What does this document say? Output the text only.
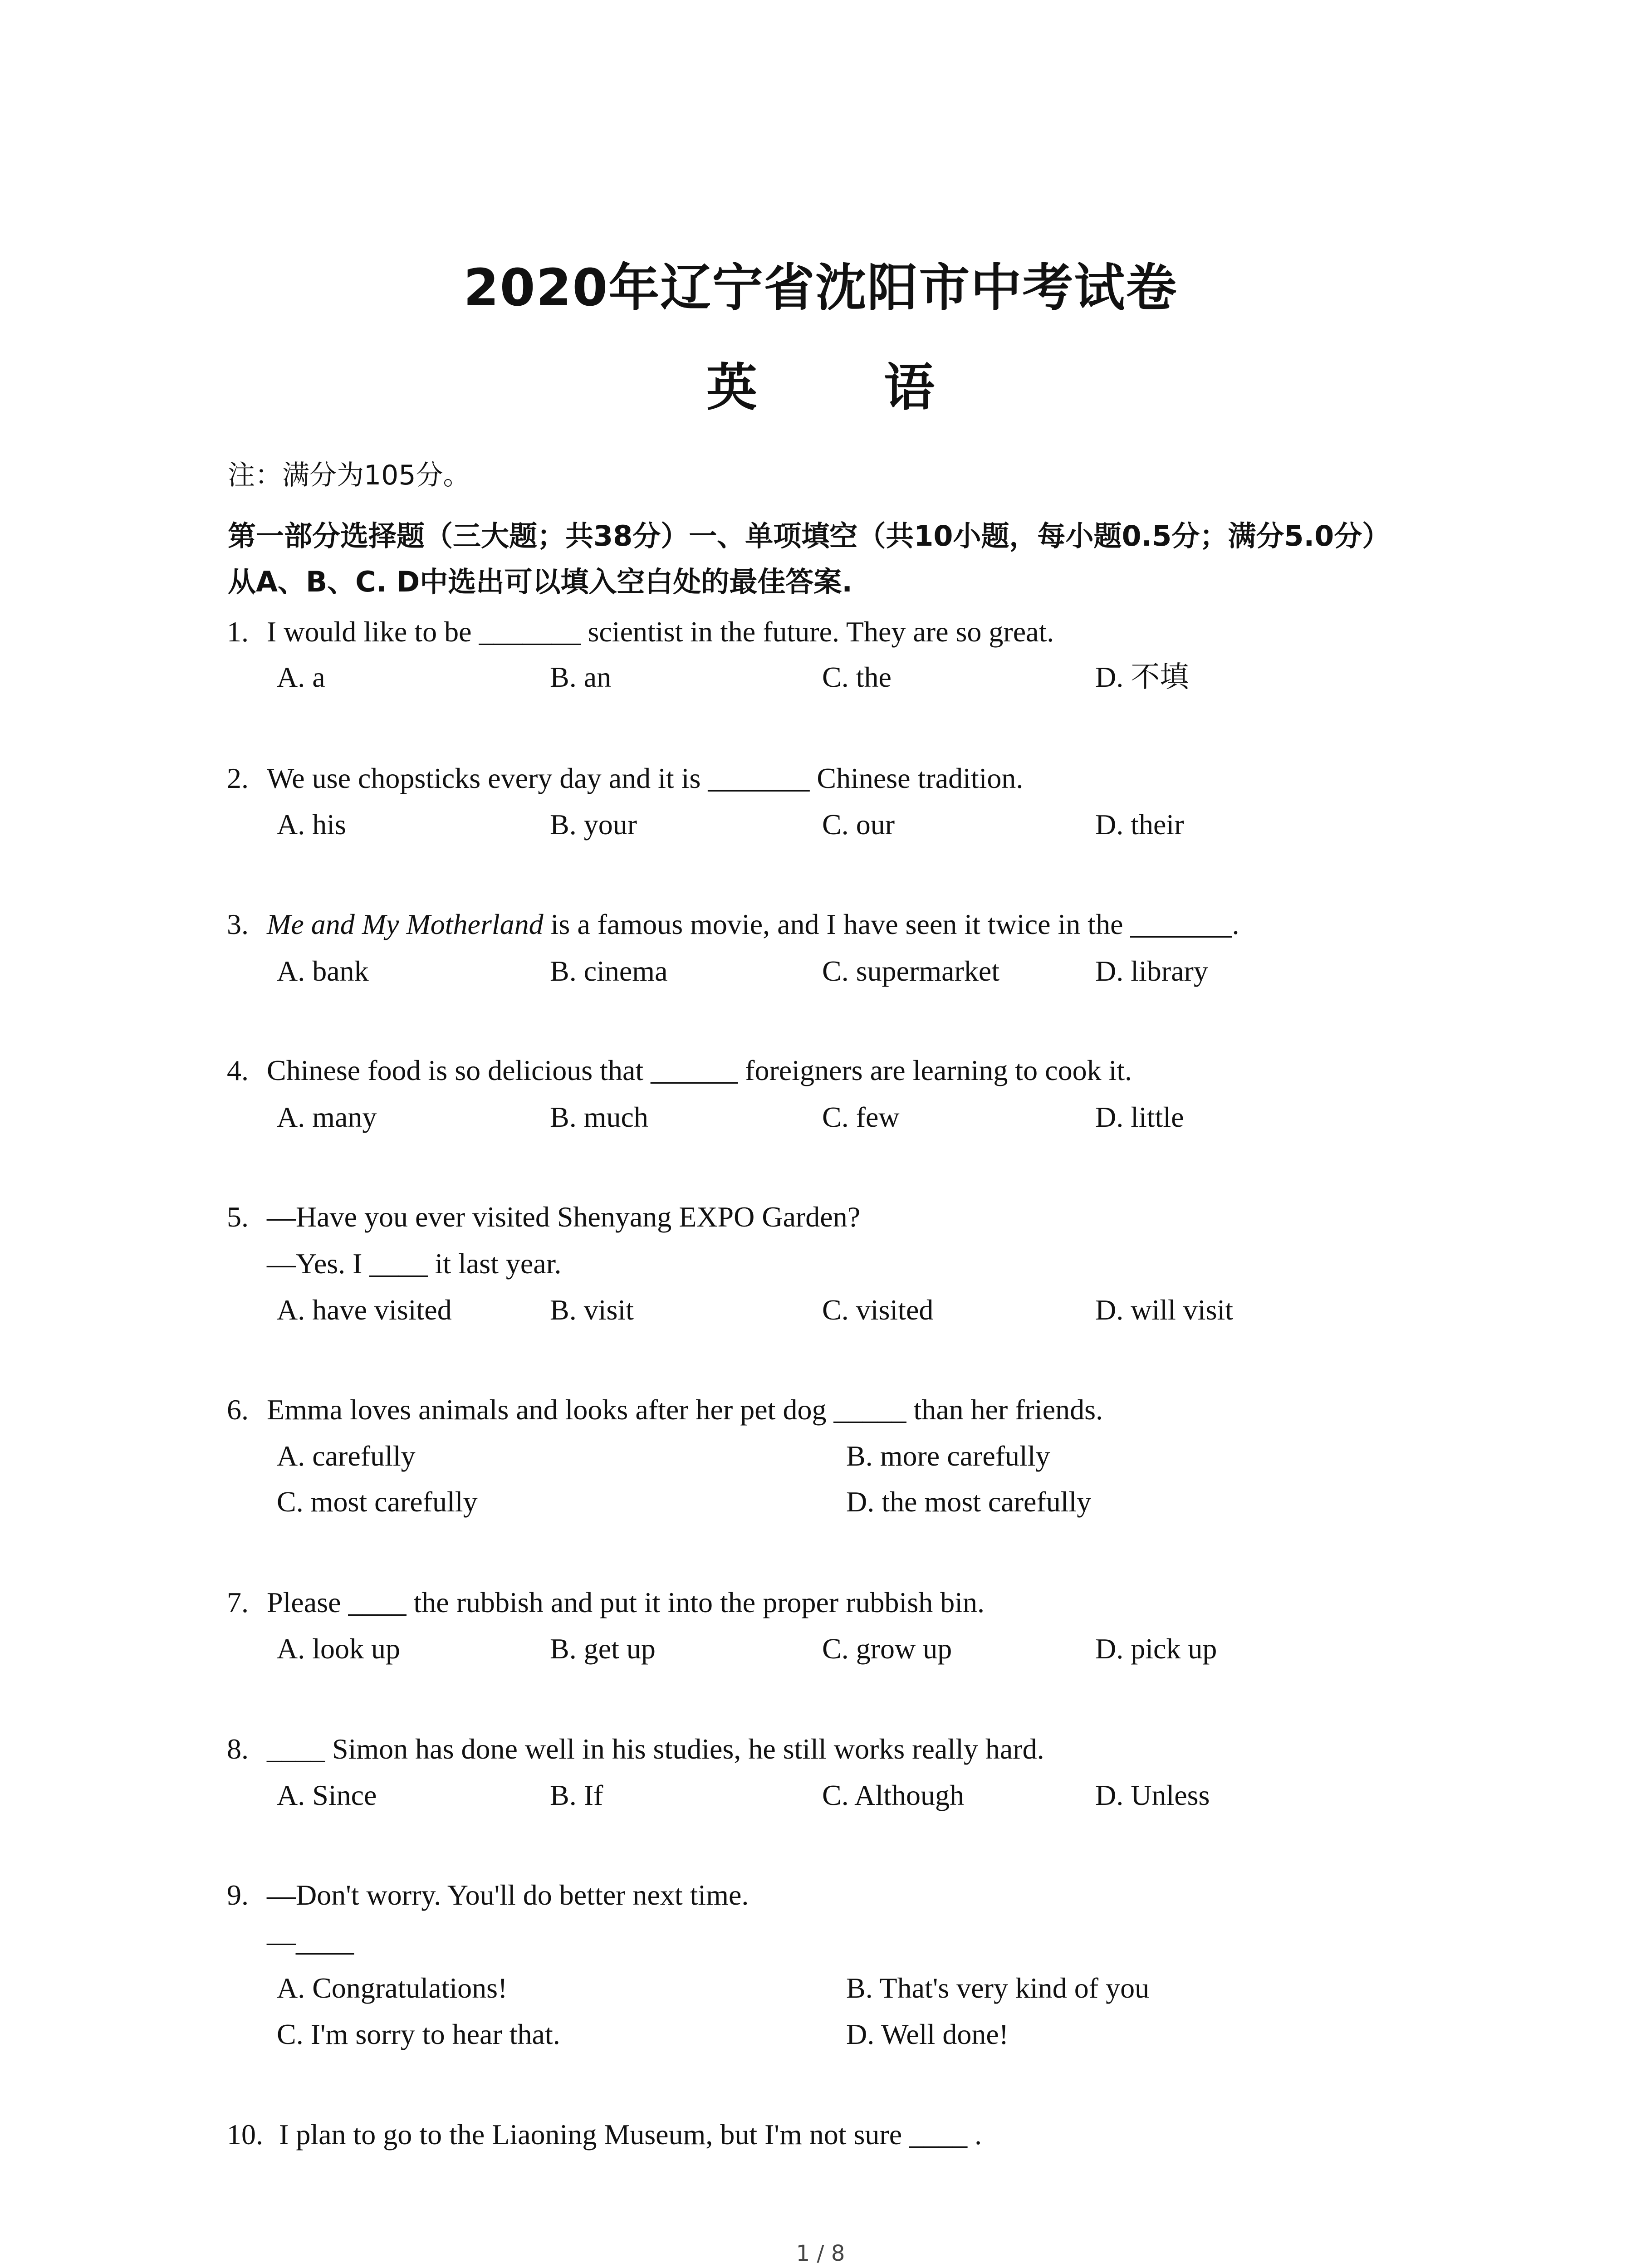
2020年辽宁省沈阳市中考试卷
英 语
注：满分为105分。
第一部分选择题（三大题；共38分）一、单项填空（共10小题，每小题0.5分；满分5.0分）
从A、B、C. D中选出可以填入空白处的最佳答案.
1. I would like to be _______ scientist in the future. They are so great.
A. a	B. an	C. the	D. 不填
2. We use chopsticks every day and it is _______ Chinese tradition.
A. his	B. your	C. our	D. their
3. Me and My Motherland is a famous movie, and I have seen it twice in the _______.
A. bank	B. cinema	C. supermarket	D. library
4. Chinese food is so delicious that ______ foreigners are learning to cook it.
A. many	B. much	C. few	D. little
5. —Have you ever visited Shenyang EXPO Garden?
—Yes. I ____ it last year.
A. have visited	B. visit	C. visited	D. will visit
6. Emma loves animals and looks after her pet dog _____ than her friends.
A. carefully	B. more carefully
C. most carefully	D. the most carefully
7. Please ____ the rubbish and put it into the proper rubbish bin.
A. look up	B. get up	C. grow up	D. pick up
8. ____ Simon has done well in his studies, he still works really hard.
A. Since	B. If	C. Although	D. Unless
9. —Don't worry. You'll do better next time.
—____
A. Congratulations!	B. That's very kind of you
C. I'm sorry to hear that.	D. Well done!
10. I plan to go to the Liaoning Museum, but I'm not sure ____ .
1 / 8
